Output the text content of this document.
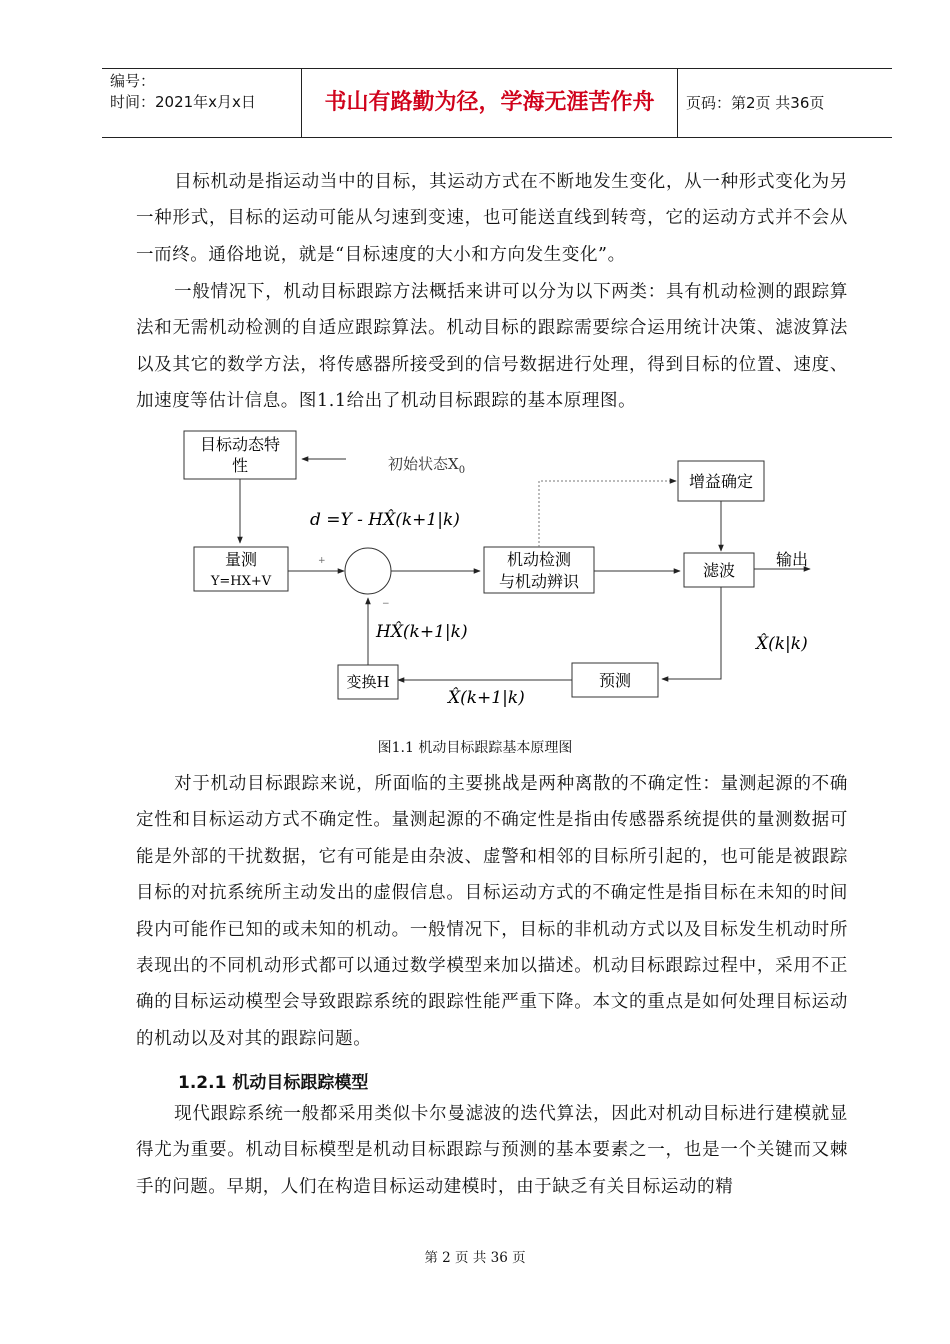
编号：
时间：2021年x月x日	书山有路勤为径，学海无涯苦作舟	页码：第2页 共36页
目标机动是指运动当中的目标，其运动方式在不断地发生变化，从一种形式变化为另一种形式，目标的运动可能从匀速到变速，也可能送直线到转弯，它的运动方式并不会从一而终。通俗地说，就是“目标速度的大小和方向发生变化”。
一般情况下，机动目标跟踪方法概括来讲可以分为以下两类：具有机动检测的跟踪算法和无需机动检测的自适应跟踪算法。机动目标的跟踪需要综合运用统计决策、滤波算法以及其它的数学方法，将传感器所接受到的信号数据进行处理，得到目标的位置、速度、加速度等估计信息。图1.1给出了机动目标跟踪的基本原理图。
目标动态特
性	初始状态$X_0$
量测
Y=HX+V
+
−
d =Y - HX̂(k+1|k)
机动检测
与机动辨识
增益确定
滤波
输出
X̂(k|k)
预测
X̂(k+1|k)
变换H
HX̂(k+1|k)
图1.1 机动目标跟踪基本原理图
对于机动目标跟踪来说，所面临的主要挑战是两种离散的不确定性：量测起源的不确定性和目标运动方式不确定性。量测起源的不确定性是指由传感器系统提供的量测数据可能是外部的干扰数据，它有可能是由杂波、虚警和相邻的目标所引起的，也可能是被跟踪目标的对抗系统所主动发出的虚假信息。目标运动方式的不确定性是指目标在未知的时间段内可能作已知的或未知的机动。一般情况下，目标的非机动方式以及目标发生机动时所表现出的不同机动形式都可以通过数学模型来加以描述。机动目标跟踪过程中，采用不正确的目标运动模型会导致跟踪系统的跟踪性能严重下降。本文的重点是如何处理目标运动的机动以及对其的跟踪问题。
1.2.1 机动目标跟踪模型
现代跟踪系统一般都采用类似卡尔曼滤波的迭代算法，因此对机动目标进行建模就显得尤为重要。机动目标模型是机动目标跟踪与预测的基本要素之一，也是一个关键而又棘手的问题。早期，人们在构造目标运动建模时，由于缺乏有关目标运动的精
第 2 页 共 36 页
